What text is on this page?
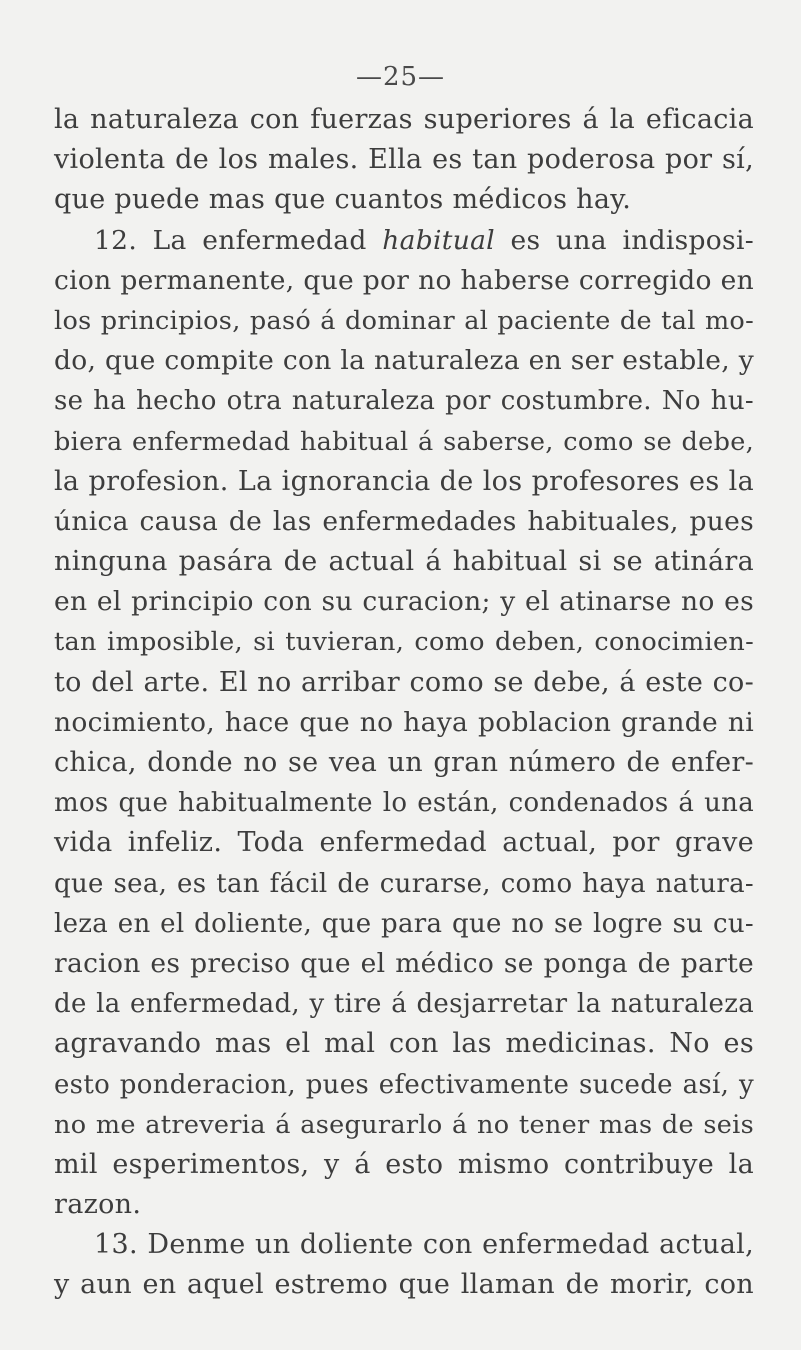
—25—
la naturaleza con fuerzas superiores á la eficacia
violenta de los males. Ella es tan poderosa por sí,
que puede mas que cuantos médicos hay.
12. La enfermedad habitual es una indisposi-
cion permanente, que por no haberse corregido en
los principios, pasó á dominar al paciente de tal mo-
do, que compite con la naturaleza en ser estable, y
se ha hecho otra naturaleza por costumbre. No hu-
biera enfermedad habitual á saberse, como se debe,
la profesion. La ignorancia de los profesores es la
única causa de las enfermedades habituales, pues
ninguna pasára de actual á habitual si se atinára
en el principio con su curacion; y el atinarse no es
tan imposible, si tuvieran, como deben, conocimien-
to del arte. El no arribar como se debe, á este co-
nocimiento, hace que no haya poblacion grande ni
chica, donde no se vea un gran número de enfer-
mos que habitualmente lo están, condenados á una
vida infeliz. Toda enfermedad actual, por grave
que sea, es tan fácil de curarse, como haya natura-
leza en el doliente, que para que no se logre su cu-
racion es preciso que el médico se ponga de parte
de la enfermedad, y tire á desjarretar la naturaleza
agravando mas el mal con las medicinas. No es
esto ponderacion, pues efectivamente sucede así, y
no me atreveria á asegurarlo á no tener mas de seis
mil esperimentos, y á esto mismo contribuye la
razon.
13. Denme un doliente con enfermedad actual,
y aun en aquel estremo que llaman de morir, con
